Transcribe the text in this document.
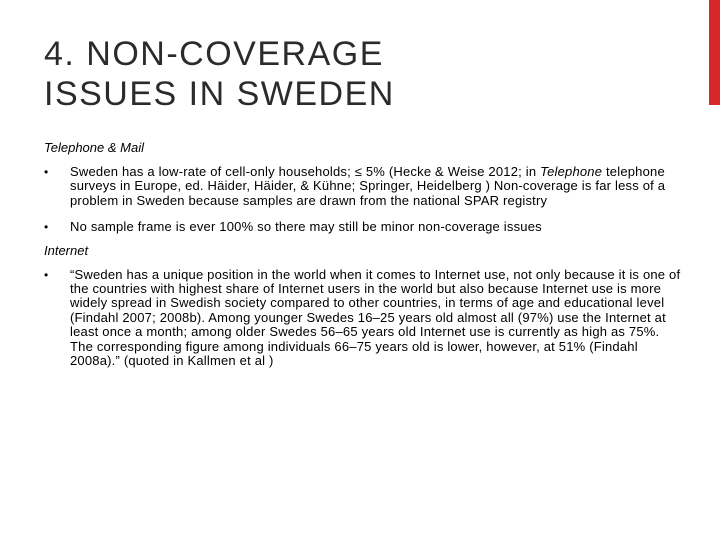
4. NON-COVERAGE
ISSUES IN SWEDEN

Telephone & Mail

• Sweden has a low-rate of cell-only households; ≤ 5% (Hecke & Weise 2012; in Telephone telephone surveys in Europe, ed. Häider, Häider, & Kühne; Springer, Heidelberg ) Non-coverage is far less of a problem in Sweden because samples are drawn from the national SPAR registry
• No sample frame is ever 100% so there may still be minor non-coverage issues

Internet

• “Sweden has a unique position in the world when it comes to Internet use, not only because it is one of the countries with highest share of Internet users in the world but also because Internet use is more widely spread in Swedish society compared to other countries, in terms of age and educational level (Findahl 2007; 2008b). Among younger Swedes 16–25 years old almost all (97%) use the Internet at least once a month; among older Swedes 56–65 years old Internet use is currently as high as 75%. The corresponding figure among individuals 66–75 years old is lower, however, at 51% (Findahl 2008a).” (quoted in Kallmen et al )
